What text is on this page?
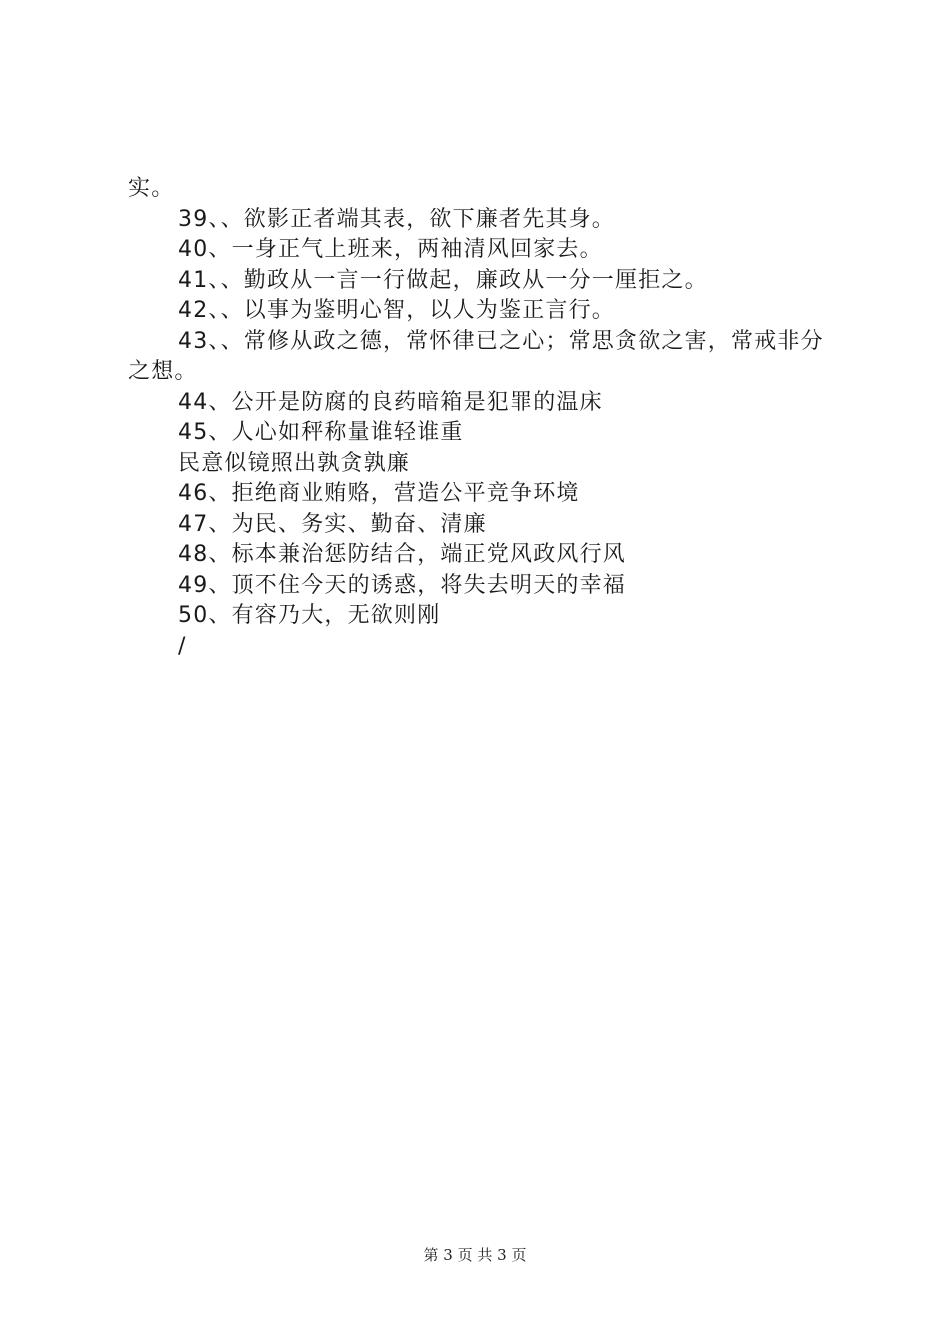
实。
39、、欲影正者端其表，欲下廉者先其身。
40、一身正气上班来，两袖清风回家去。
41、、勤政从一言一行做起，廉政从一分一厘拒之。
42、、以事为鉴明心智，以人为鉴正言行。
43、、常修从政之德，常怀律已之心；常思贪欲之害，常戒非分之想。
44、公开是防腐的良药暗箱是犯罪的温床
45、人心如秤称量谁轻谁重
民意似镜照出孰贪孰廉
46、拒绝商业贿赂，营造公平竞争环境
47、为民、务实、勤奋、清廉
48、标本兼治惩防结合，端正党风政风行风
49、顶不住今天的诱惑，将失去明天的幸福
50、有容乃大，无欲则刚
/
第 3 页 共 3 页
